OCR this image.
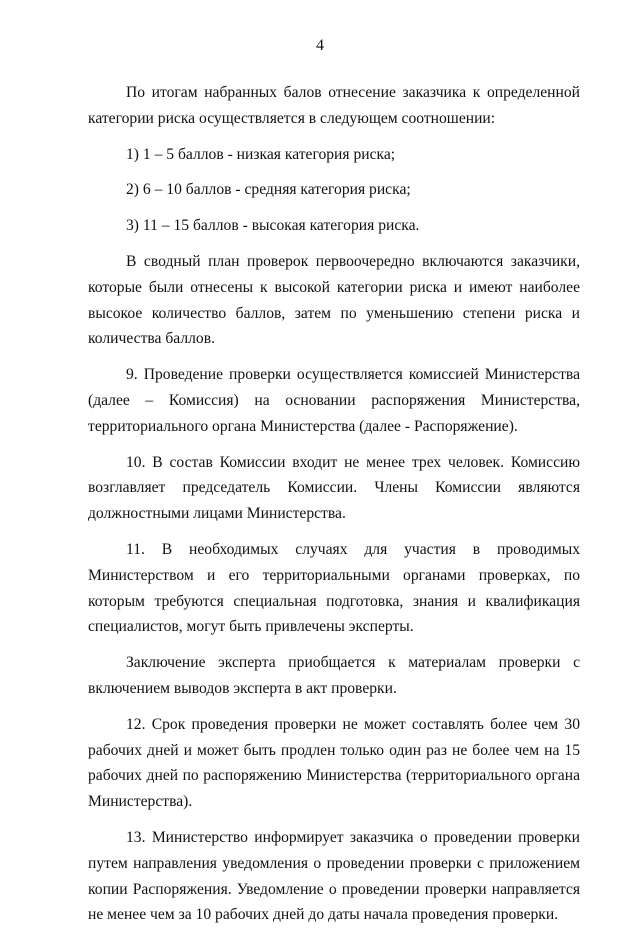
4

По итогам набранных балов отнесение заказчика к определенной категории риска осуществляется в следующем соотношении:

1) 1 – 5 баллов - низкая категория риска;

2) 6 – 10 баллов - средняя категория риска;

3) 11 – 15 баллов - высокая категория риска.

В сводный план проверок первоочередно включаются заказчики, которые были отнесены к высокой категории риска и имеют наиболее высокое количество баллов, затем по уменьшению степени риска и количества баллов.

9. Проведение проверки осуществляется комиссией Министерства (далее – Комиссия) на основании распоряжения Министерства, территориального органа Министерства (далее - Распоряжение).

10. В состав Комиссии входит не менее трех человек. Комиссию возглавляет председатель Комиссии. Члены Комиссии являются должностными лицами Министерства.

11. В необходимых случаях для участия в проводимых Министерством и его территориальными органами проверках, по которым требуются специальная подготовка, знания и квалификация специалистов, могут быть привлечены эксперты.

Заключение эксперта приобщается к материалам проверки с включением выводов эксперта в акт проверки.

12. Срок проведения проверки не может составлять более чем 30 рабочих дней и может быть продлен только один раз не более чем на 15 рабочих дней по распоряжению Министерства (территориального органа Министерства).

13. Министерство информирует заказчика о проведении проверки путем направления уведомления о проведении проверки с приложением копии Распоряжения. Уведомление о проведении проверки направляется не менее чем за 10 рабочих дней до даты начала проведения проверки.
